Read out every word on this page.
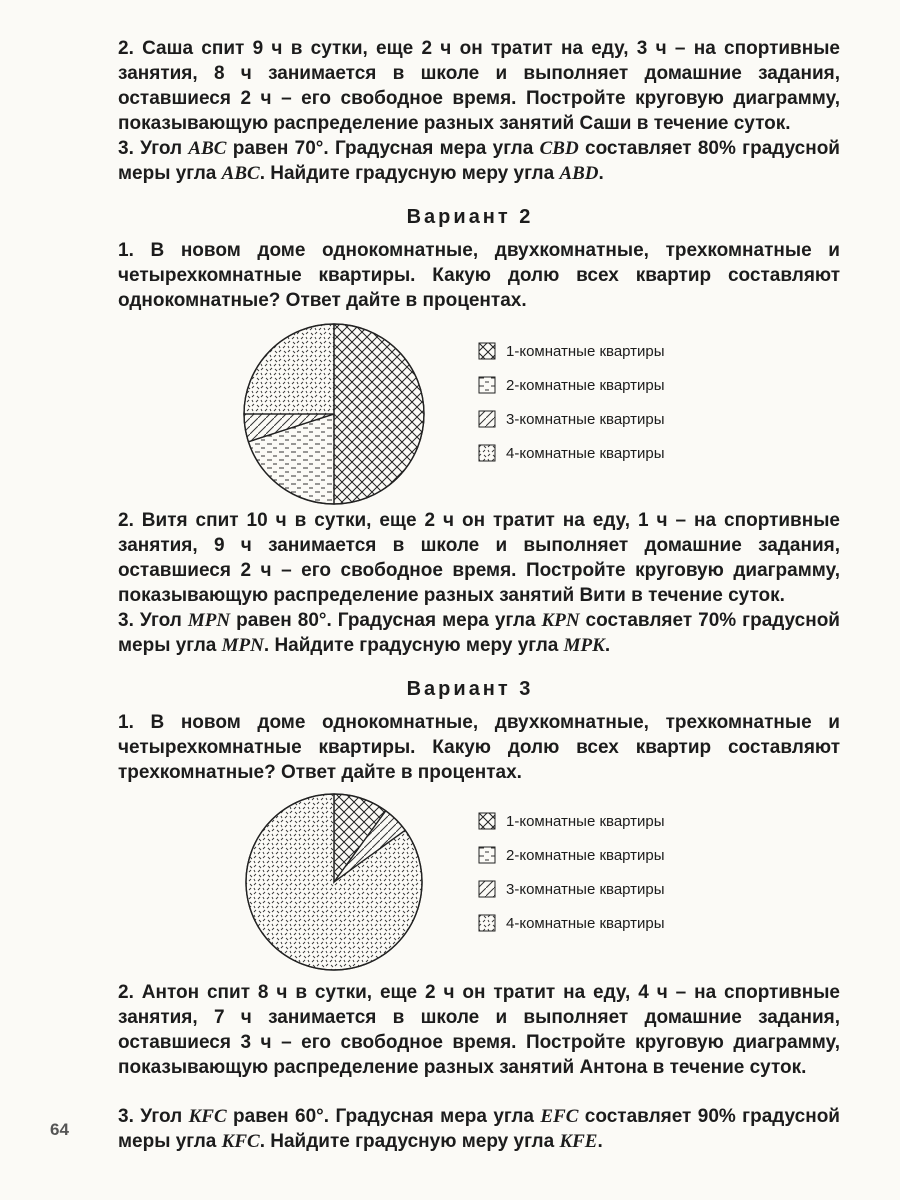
2. Саша спит 9 ч в сутки, еще 2 ч он тратит на еду, 3 ч – на спортивные занятия, 8 ч занимается в школе и выполняет домашние задания, оставшиеся 2 ч – его свободное время. Постройте круговую диаграмму, показывающую распределение разных занятий Саши в течение суток.
3. Угол ABC равен 70°. Градусная мера угла CBD составляет 80% градусной меры угла ABC. Найдите градусную меру угла ABD.
Вариант 2
1. В новом доме однокомнатные, двухкомнатные, трехкомнатные и четырехкомнатные квартиры. Какую долю всех квартир составляют однокомнатные? Ответ дайте в процентах.
1-комнатные квартиры
2-комнатные квартиры
3-комнатные квартиры
4-комнатные квартиры
2. Витя спит 10 ч в сутки, еще 2 ч он тратит на еду, 1 ч – на спортивные занятия, 9 ч занимается в школе и выполняет домашние задания, оставшиеся 2 ч – его свободное время. Постройте круговую диаграмму, показывающую распределение разных занятий Вити в течение суток.
3. Угол MPN равен 80°. Градусная мера угла KPN составляет 70% градусной меры угла MPN. Найдите градусную меру угла MPK.
Вариант 3
1. В новом доме однокомнатные, двухкомнатные, трехкомнатные и четырехкомнатные квартиры. Какую долю всех квартир составляют трехкомнатные? Ответ дайте в процентах.
1-комнатные квартиры
2-комнатные квартиры
3-комнатные квартиры
4-комнатные квартиры
2. Антон спит 8 ч в сутки, еще 2 ч он тратит на еду, 4 ч – на спортивные занятия, 7 ч занимается в школе и выполняет домашние задания, оставшиеся 3 ч – его свободное время. Постройте круговую диаграмму, показывающую распределение разных занятий Антона в течение суток.
3. Угол KFC равен 60°. Градусная мера угла EFC составляет 90% градусной меры угла KFC. Найдите градусную меру угла KFE.
64
